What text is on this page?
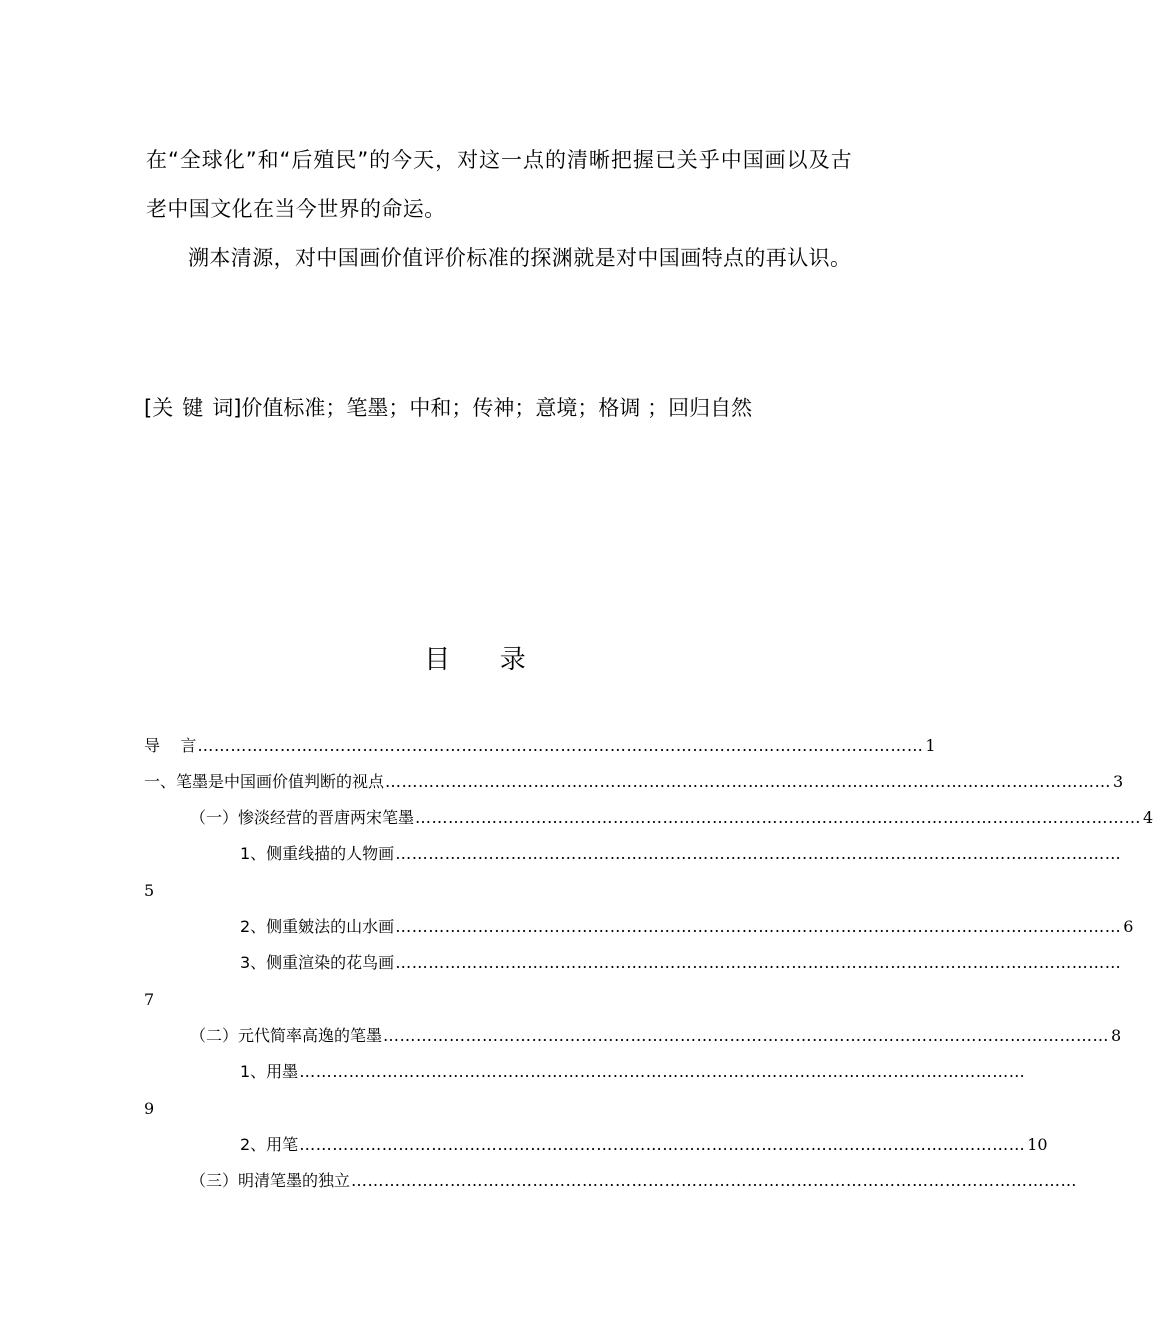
在“全球化”和“后殖民”的今天，对这一点的清晰把握已关乎中国画以及古老中国文化在当今世界的命运。

溯本清源，对中国画价值评价标准的探渊就是对中国画特点的再认识。

[关 键 词]价值标准；笔墨；中和；传神；意境；格调 ；回归自然
目      录
导    言 …………………………………………………………………………………………………………………… 1
一、笔墨是中国画价值判断的视点 …………………………………………………………………………………………………………………… 3
（一）惨淡经营的晋唐两宋笔墨 …………………………………………………………………………………………………………………… 4
1、侧重线描的人物画 ……………………………………………………………………………………………………………………
5
2、侧重皴法的山水画 …………………………………………………………………………………………………………………… 6
3、侧重渲染的花鸟画 ……………………………………………………………………………………………………………………
7
（二）元代简率高逸的笔墨 …………………………………………………………………………………………………………………… 8
1、用墨 ……………………………………………………………………………………………………………………
9
2、用笔 …………………………………………………………………………………………………………………… 10
（三）明清笔墨的独立 ……………………………………………………………………………………………………………………
